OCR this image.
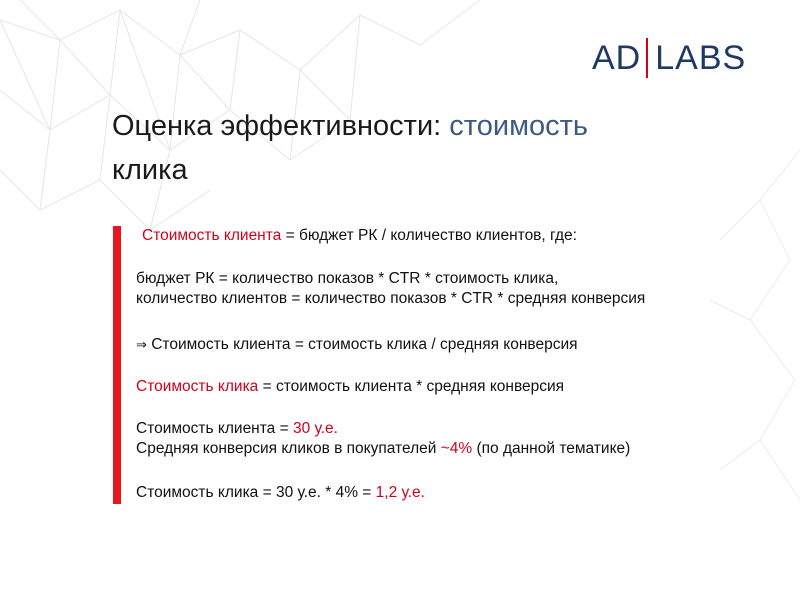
AD LABS
Оценка эффективности: стоимость
клика

Стоимость клиента = бюджет РК / количество клиентов, где:

бюджет РК = количество показов * CTR * стоимость клика,

количество клиентов = количество показов * CTR * средняя конверсия

⇒ Стоимость клиента = стоимость клика / средняя конверсия

Стоимость клика = стоимость клиента * средняя конверсия

Стоимость клиента = 30 у.е.

Средняя конверсия кликов в покупателей ~4% (по данной тематике)

Стоимость клика = 30 у.е. * 4% = 1,2 у.е.
